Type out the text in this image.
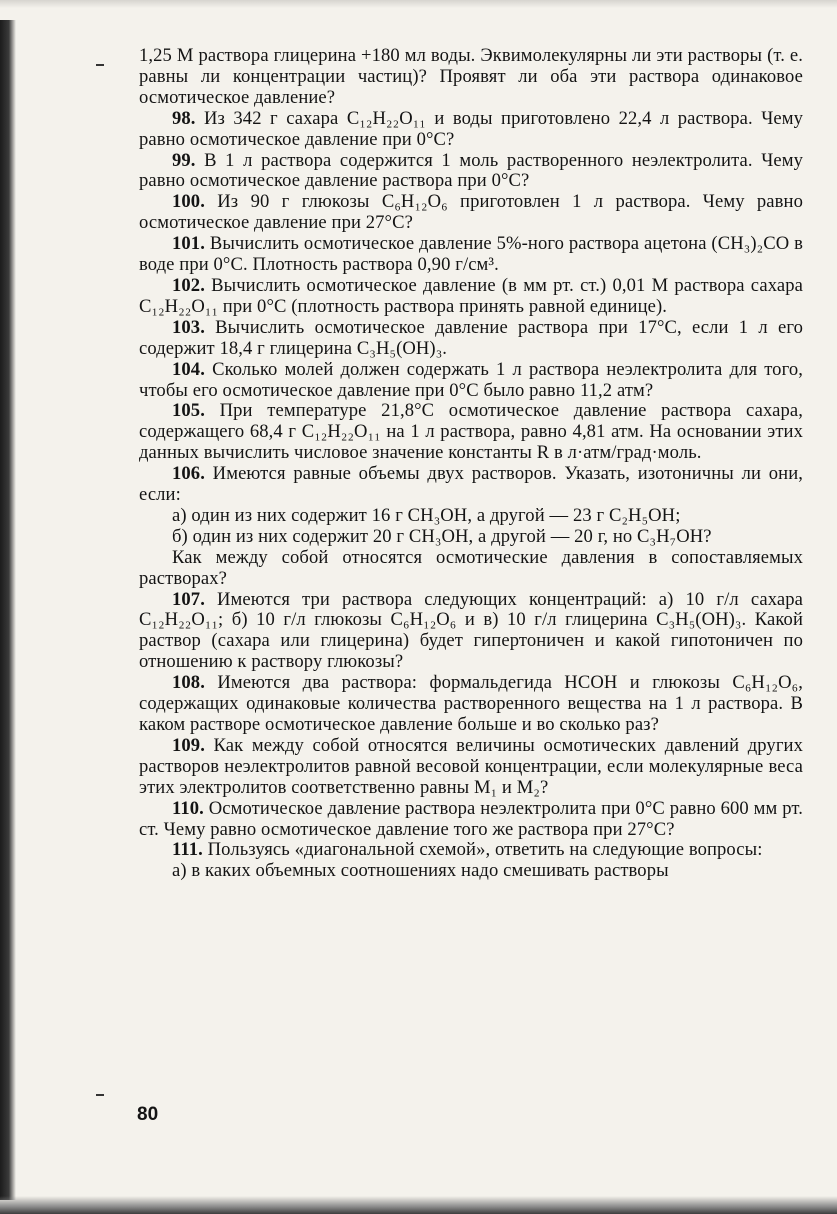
1,25 М раствора глицерина +180 мл воды. Эквимолекулярны ли эти растворы (т. е. равны ли концентрации частиц)? Проявят ли оба эти раствора одинаковое осмотическое давление?

98. Из 342 г сахара C₁₂H₂₂O₁₁ и воды приготовлено 22,4 л раствора. Чему равно осмотическое давление при 0°С?

99. В 1 л раствора содержится 1 моль растворенного неэлектролита. Чему равно осмотическое давление раствора при 0°С?

100. Из 90 г глюкозы C₆H₁₂O₆ приготовлен 1 л раствора. Чему равно осмотическое давление при 27°С?

101. Вычислить осмотическое давление 5%-ного раствора ацетона (CH₃)₂CO в воде при 0°С. Плотность раствора 0,90 г/см³.

102. Вычислить осмотическое давление (в мм рт. ст.) 0,01 М раствора сахара C₁₂H₂₂O₁₁ при 0°С (плотность раствора принять равной единице).

103. Вычислить осмотическое давление раствора при 17°С, если 1 л его содержит 18,4 г глицерина C₃H₅(OH)₃.

104. Сколько молей должен содержать 1 л раствора неэлектролита для того, чтобы его осмотическое давление при 0°С было равно 11,2 атм?

105. При температуре 21,8°С осмотическое давление раствора сахара, содержащего 68,4 г C₁₂H₂₂O₁₁ на 1 л раствора, равно 4,81 атм. На основании этих данных вычислить числовое значение константы R в л·атм/град·моль.

106. Имеются равные объемы двух растворов. Указать, изотоничны ли они, если:

а) один из них содержит 16 г CH₃OH, а другой — 23 г C₂H₅OH;

б) один из них содержит 20 г CH₃OH, а другой — 20 г, но C₃H₇OH?

Как между собой относятся осмотические давления в сопоставляемых растворах?

107. Имеются три раствора следующих концентраций: а) 10 г/л сахара C₁₂H₂₂O₁₁; б) 10 г/л глюкозы C₆H₁₂O₆ и в) 10 г/л глицерина C₃H₅(OH)₃. Какой раствор (сахара или глицерина) будет гипертоничен и какой гипотоничен по отношению к раствору глюкозы?

108. Имеются два раствора: формальдегида HCOH и глюкозы C₆H₁₂O₆, содержащих одинаковые количества растворенного вещества на 1 л раствора. В каком растворе осмотическое давление больше и во сколько раз?

109. Как между собой относятся величины осмотических давлений других растворов неэлектролитов равной весовой концентрации, если молекулярные веса этих электролитов соответственно равны M₁ и M₂?

110. Осмотическое давление раствора неэлектролита при 0°С равно 600 мм рт. ст. Чему равно осмотическое давление того же раствора при 27°С?

111. Пользуясь «диагональной схемой», ответить на следующие вопросы:

а) в каких объемных соотношениях надо смешивать растворы

80
